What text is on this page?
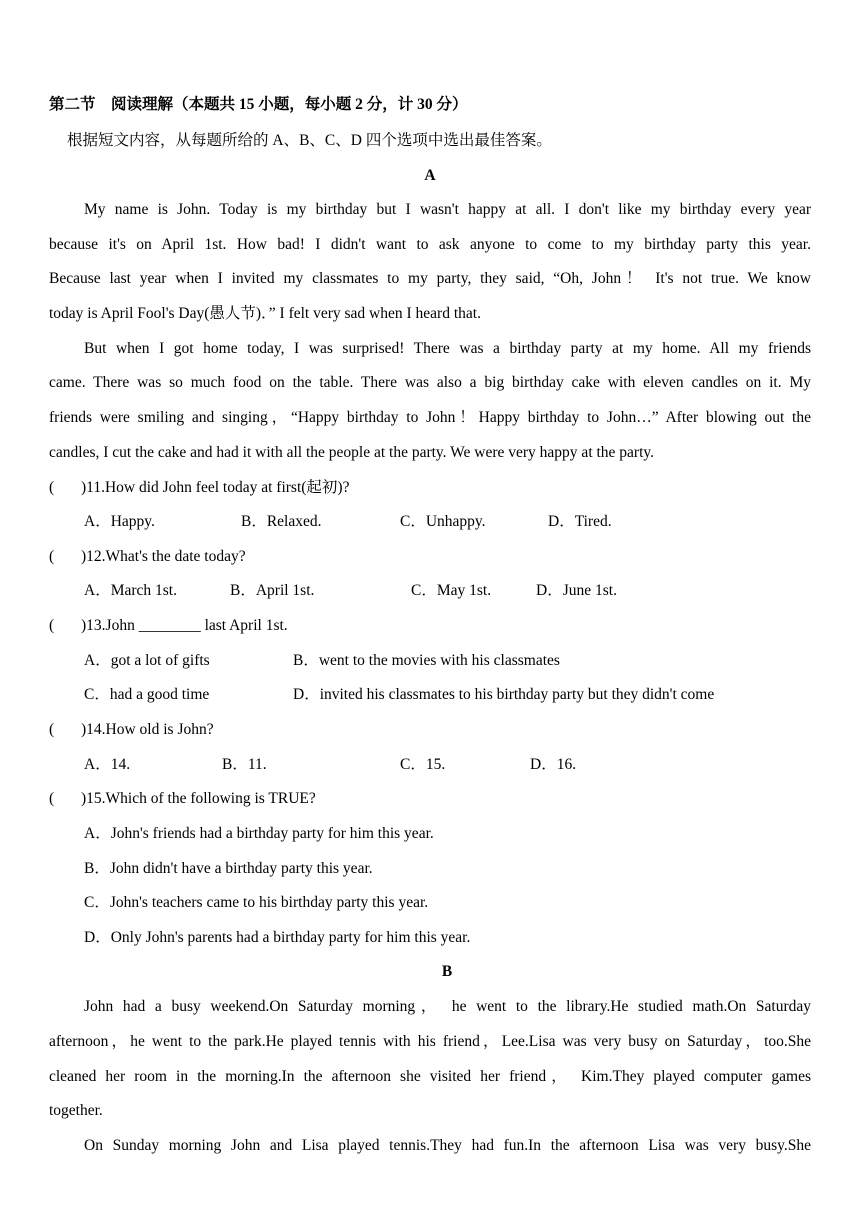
第二节　阅读理解（本题共 15 小题，每小题 2 分，计 30 分）
根据短文内容，从每题所给的 A、B、C、D 四个选项中选出最佳答案。
A
My name is John. Today is my birthday but I wasn't happy at all. I don't like my birthday every year
because it's on April 1st. How bad! I didn't want to ask anyone to come to my birthday party this year.
Because last year when I invited my classmates to my party, they said, “Oh, John！ It's not true. We know
today is April Fool's Day(愚人节)．” I felt very sad when I heard that.
But when I got home today, I was surprised! There was a birthday party at my home. All my friends
came. There was so much food on the table. There was also a big birthday cake with eleven candles on it. My
friends were smiling and singing，“Happy birthday to John！Happy birthday to John…” After blowing out the
candles, I cut the cake and had it with all the people at the party. We were very happy at the party.
( )11.How did John feel today at first(起初)?
A．Happy.	B．Relaxed.	C．Unhappy.	D．Tired.
( )12.What's the date today?
A．March 1st.	B．April 1st.	C．May 1st.	D．June 1st.
( )13.John ________ last April 1st.
A．got a lot of gifts	B．went to the movies with his classmates
C．had a good time	D．invited his classmates to his birthday party but they didn't come
( )14.How old is John?
A．14.	B．11.	C．15.	D．16.
( )15.Which of the following is TRUE?
A．John's friends had a birthday party for him this year.
B．John didn't have a birthday party this year.
C．John's teachers came to his birthday party this year.
D．Only John's parents had a birthday party for him this year.
B
John had a busy weekend.On Saturday morning， he went to the library.He studied math.On Saturday
afternoon，he went to the park.He played tennis with his friend，Lee.Lisa was very busy on Saturday，too.She
cleaned her room in the morning.In the afternoon she visited her friend， Kim.They played computer games
together.
On Sunday morning John and Lisa played tennis.They had fun.In the afternoon Lisa was very busy.She
